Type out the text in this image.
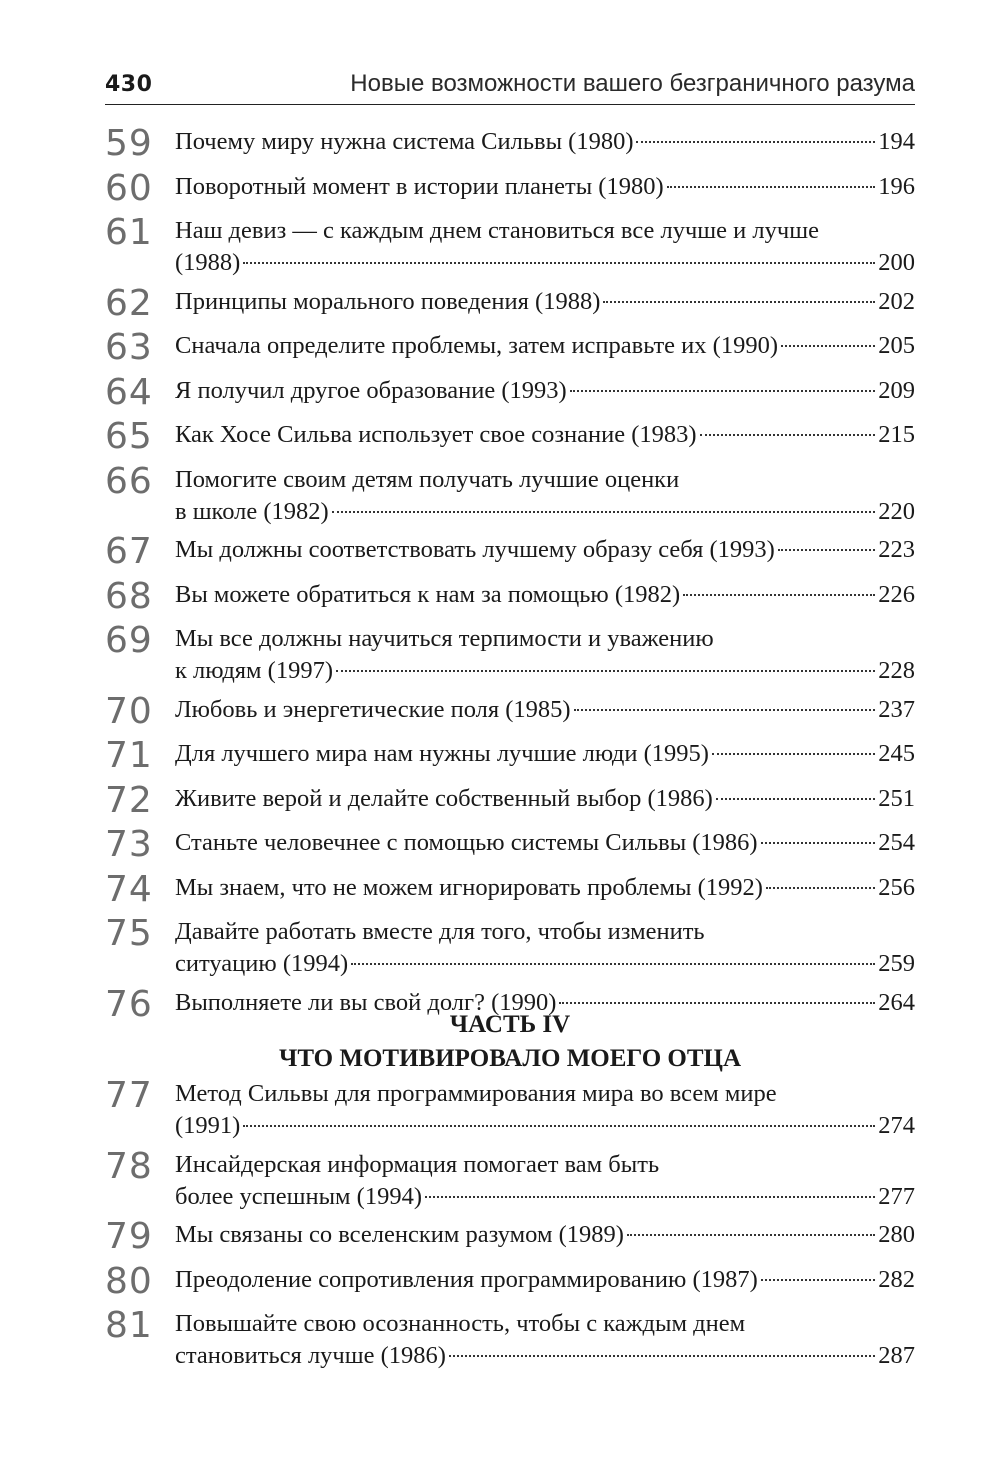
430	Новые возможности вашего безграничного разума
59 Почему миру нужна система Сильвы (1980)	194
60 Поворотный момент в истории планеты (1980)	196
61 Наш девиз — с каждым днем становиться все лучше и лучше
(1988)	200
62 Принципы морального поведения (1988)	202
63 Сначала определите проблемы, затем исправьте их (1990)	205
64 Я получил другое образование (1993)	209
65 Как Хосе Сильва использует свое сознание (1983)	215
66 Помогите своим детям получать лучшие оценки
в школе (1982)	220
67 Мы должны соответствовать лучшему образу себя (1993)	223
68 Вы можете обратиться к нам за помощью (1982)	226
69 Мы все должны научиться терпимости и уважению
к людям (1997)	228
70 Любовь и энергетические поля (1985)	237
71 Для лучшего мира нам нужны лучшие люди (1995)	245
72 Живите верой и делайте собственный выбор (1986)	251
73 Станьте человечнее с помощью системы Сильвы (1986)	254
74 Мы знаем, что не можем игнорировать проблемы (1992)	256
75 Давайте работать вместе для того, чтобы изменить
ситуацию (1994)	259
76 Выполняете ли вы свой долг? (1990)	264
ЧАСТЬ IV
ЧТО МОТИВИРОВАЛО МОЕГО ОТЦА
77 Метод Сильвы для программирования мира во всем мире
(1991)	274
78 Инсайдерская информация помогает вам быть
более успешным (1994)	277
79 Мы связаны со вселенским разумом (1989)	280
80 Преодоление сопротивления программированию (1987)	282
81 Повышайте свою осознанность, чтобы с каждым днем
становиться лучше (1986)	287
